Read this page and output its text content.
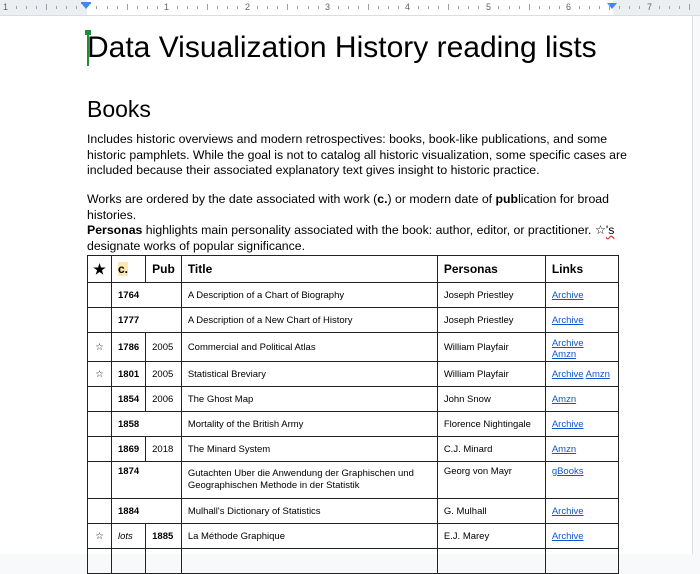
1	1	2	3	4	5	6	7
Data Visualization History reading lists
Books

Includes historic overviews and modern retrospectives: books, book-like publications, and some historic pamphlets. While the goal is not to catalog all historic visualization, some specific cases are included because their associated explanatory text gives insight to historic practice.

Works are ordered by the date associated with work (c.) or modern date of publication for broad histories.
Personas highlights main personality associated with the book: author, editor, or practitioner. ☆'s designate works of popular significance.

★	c.	Pub	Title	Personas	Links
	1764		A Description of a Chart of Biography	Joseph Priestley	Archive
	1777		A Description of a New Chart of History	Joseph Priestley	Archive
☆	1786	2005	Commercial and Political Atlas	William Playfair	Archive  Amzn
☆	1801	2005	Statistical Breviary	William Playfair	Archive Amzn
	1854	2006	The Ghost Map	John Snow	Amzn
	1858		Mortality of the British Army	Florence Nightingale	Archive
	1869	2018	The Minard System	C.J. Minard	Amzn
	1874		Gutachten Uber die Anwendung der Graphischen und Geographischen Methode in der Statistik	Georg von Mayr	gBooks
	1884		Mulhall's Dictionary of Statistics	G. Mulhall	Archive
☆	lots	1885	La Méthode Graphique	E.J. Marey	Archive
